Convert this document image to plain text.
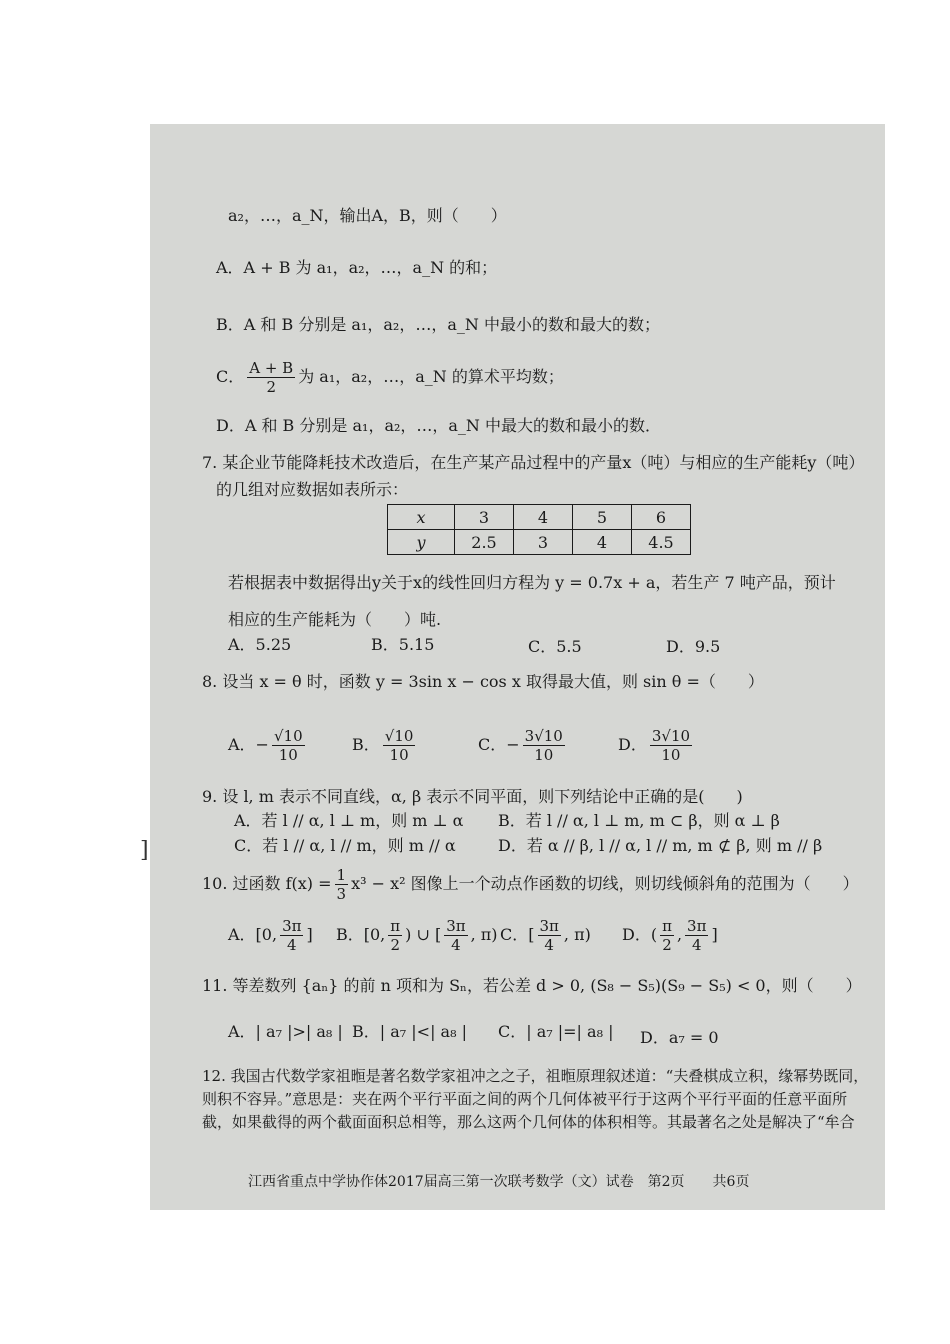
a₂，…，a_N，输出A，B，则（　　）
A．A + B 为 a₁，a₂，…，a_N 的和；
B．A 和 B 分别是 a₁，a₂，…，a_N 中最小的数和最大的数；
C． $\frac{A + B}{2}$ 为 a₁，a₂，…，a_N 的算术平均数；
D．A 和 B 分别是 a₁，a₂，…，a_N 中最大的数和最小的数．
7. 某企业节能降耗技术改造后，在生产某产品过程中的产量x（吨）与相应的生产能耗y（吨）
的几组对应数据如表所示：
x	3	4	5	6
y	2.5	3	4	4.5
若根据表中数据得出y关于x的线性回归方程为 y = 0.7x + a，若生产 7 吨产品，预计
相应的生产能耗为（　　）吨.
A．5.25	B．5.15	C．5.5	D．9.5
8. 设当 x = θ 时，函数 y = 3sin x − cos x 取得最大值，则 sin θ =（　　）
A．− $\frac{√10}{10}$	B． $\frac{√10}{10}$	C．− $\frac{3√10}{10}$	D． $\frac{3√10}{10}$
9. 设 l, m 表示不同直线，α, β 表示不同平面，则下列结论中正确的是(　　)
A．若 l // α, l ⊥ m，则 m ⊥ α B．若 l // α, l ⊥ m, m ⊂ β，则 α ⊥ β
C．若 l // α, l // m，则 m // α	D．若 α // β, l // α, l // m, m ⊄ β, 则 m // β
]
10. 过函数 $f(x) = \frac{1}{3} x^3 - x^2$ 图像上一个动点作函数的切线，则切线倾斜角的范围为（　　）
A．[0, $\frac{3\pi}{4}$ ] B．[0, $\frac{\pi}{2}$ ) ∪ [ $\frac{3\pi}{4}$ , π) C．[ $\frac{3\pi}{4}$ , π) D．( $\frac{\pi}{2}$ , $\frac{3\pi}{4}$ ]
11. 等差数列 {aₙ} 的前 n 项和为 Sₙ，若公差 d > 0, (S₈ − S₅)(S₉ − S₅) < 0，则（　　）
A．| a₇ |>| a₈ | B．| a₇ |<| a₈ | C．| a₇ |=| a₈ | D．a₇ = 0
12. 我国古代数学家祖暅是著名数学家祖冲之之子，祖暅原理叙述道：“夫叠棋成立积，缘幂势既同，
则积不容异。”意思是：夹在两个平行平面之间的两个几何体被平行于这两个平行平面的任意平面所
截，如果截得的两个截面面积总相等，那么这两个几何体的体积相等。其最著名之处是解决了“牟合
江西省重点中学协作体2017届高三第一次联考数学（文）试卷　第2页　　共6页
